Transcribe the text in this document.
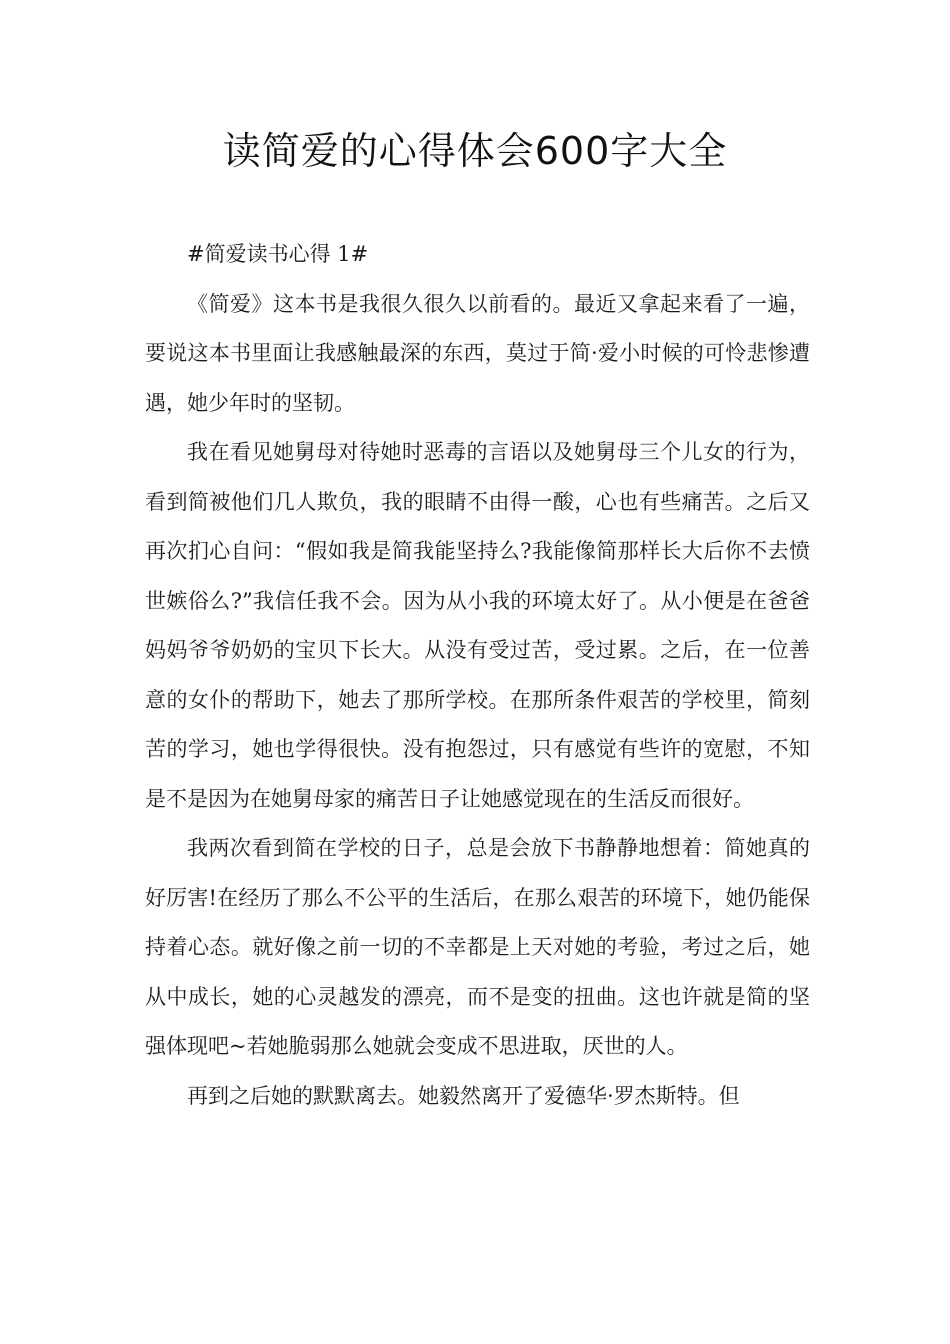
读简爱的心得体会600字大全

#简爱读书心得 1#

《简爱》这本书是我很久很久以前看的。最近又拿起来看了一遍，要说这本书里面让我感触最深的东西，莫过于简·爱小时候的可怜悲惨遭遇，她少年时的坚韧。

我在看见她舅母对待她时恶毒的言语以及她舅母三个儿女的行为，看到简被他们几人欺负，我的眼睛不由得一酸，心也有些痛苦。之后又再次扪心自问：“假如我是简我能坚持么?我能像简那样长大后你不去愤世嫉俗么?”我信任我不会。因为从小我的环境太好了。从小便是在爸爸妈妈爷爷奶奶的宝贝下长大。从没有受过苦，受过累。之后，在一位善意的女仆的帮助下，她去了那所学校。在那所条件艰苦的学校里，简刻苦的学习，她也学得很快。没有抱怨过，只有感觉有些许的宽慰，不知是不是因为在她舅母家的痛苦日子让她感觉现在的生活反而很好。

我两次看到简在学校的日子，总是会放下书静静地想着：简她真的好厉害!在经历了那么不公平的生活后，在那么艰苦的环境下，她仍能保持着心态。就好像之前一切的不幸都是上天对她的考验，考过之后，她从中成长，她的心灵越发的漂亮，而不是变的扭曲。这也许就是简的坚强体现吧~若她脆弱那么她就会变成不思进取，厌世的人。

再到之后她的默默离去。她毅然离开了爱德华·罗杰斯特。但
